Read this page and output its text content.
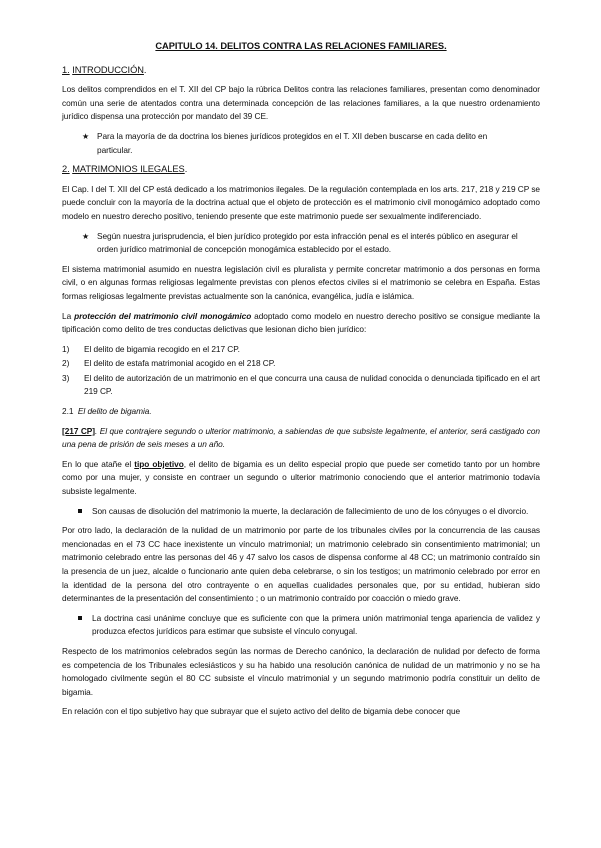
CAPITULO 14. DELITOS CONTRA LAS RELACIONES FAMILIARES.
1. INTRODUCCIÓN.
Los delitos comprendidos en el T. XII del CP bajo la rúbrica Delitos contra las relaciones familiares, presentan como denominador común una serie de atentados contra una determinada concepción de las relaciones familiares, a la que nuestro ordenamiento jurídico dispensa una protección por mandato del 39 CE.
★ Para la mayoría de da doctrina los bienes jurídicos protegidos en el T. XII deben buscarse en cada delito en particular.
2. MATRIMONIOS ILEGALES.
El Cap. I del T. XII del CP está dedicado a los matrimonios ilegales. De la regulación contemplada en los arts. 217, 218 y 219 CP se puede concluir con la mayoría de la doctrina actual que el objeto de protección es el matrimonio civil monogámico adoptado como modelo en nuestro derecho positivo, teniendo presente que este matrimonio puede ser sexualmente indiferenciado.
★ Según nuestra jurisprudencia, el bien jurídico protegido por esta infracción penal es el interés público en asegurar el orden jurídico matrimonial de concepción monogámica establecido por el estado.
El sistema matrimonial asumido en nuestra legislación civil es pluralista y permite concretar matrimonio a dos personas en forma civil, o en algunas formas religiosas legalmente previstas con plenos efectos civiles si el matrimonio se celebra en España. Estas formas religiosas legalmente previstas actualmente son la canónica, evangélica, judía e islámica.
La protección del matrimonio civil monogámico adoptado como modelo en nuestro derecho positivo se consigue mediante la tipificación como delito de tres conductas delictivas que lesionan dicho bien jurídico:
1) El delito de bigamia recogido en el 217 CP.
2) El delito de estafa matrimonial acogido en el 218 CP.
3) El delito de autorización de un matrimonio en el que concurra una causa de nulidad conocida o denunciada tipificado en el art 219 CP.
2.1 El delito de bigamia.
[217 CP]. El que contrajere segundo o ulterior matrimonio, a sabiendas de que subsiste legalmente, el anterior, será castigado con una pena de prisión de seis meses a un año.
En lo que atañe el tipo objetivo, el delito de bigamia es un delito especial propio que puede ser cometido tanto por un hombre como por una mujer, y consiste en contraer un segundo o ulterior matrimonio conociendo que el anterior matrimonio todavía subsiste legalmente.
Son causas de disolución del matrimonio la muerte, la declaración de fallecimiento de uno de los cónyuges o el divorcio.
Por otro lado, la declaración de la nulidad de un matrimonio por parte de los tribunales civiles por la concurrencia de las causas mencionadas en el 73 CC hace inexistente un vínculo matrimonial; un matrimonio celebrado sin consentimiento matrimonial; un matrimonio celebrado entre las personas del 46 y 47 salvo los casos de dispensa conforme al 48 CC; un matrimonio contraído sin la presencia de un juez, alcalde o funcionario ante quien deba celebrarse, o sin los testigos; un matrimonio celebrado por error en la identidad de la persona del otro contrayente o en aquellas cualidades personales que, por su entidad, hubieran sido determinantes de la presentación del consentimiento ; o un matrimonio contraído por coacción o miedo grave.
La doctrina casi unánime concluye que es suficiente con que la primera unión matrimonial tenga apariencia de validez y produzca efectos jurídicos para estimar que subsiste el vínculo conyugal.
Respecto de los matrimonios celebrados según las normas de Derecho canónico, la declaración de nulidad por defecto de forma es competencia de los Tribunales eclesiásticos y su ha habido una resolución canónica de nulidad de un matrimonio y no se ha homologado civilmente según el 80 CC subsiste el vínculo matrimonial y un segundo matrimonio podría constituir un delito de bigamia.
En relación con el tipo subjetivo hay que subrayar que el sujeto activo del delito de bigamia debe conocer que
